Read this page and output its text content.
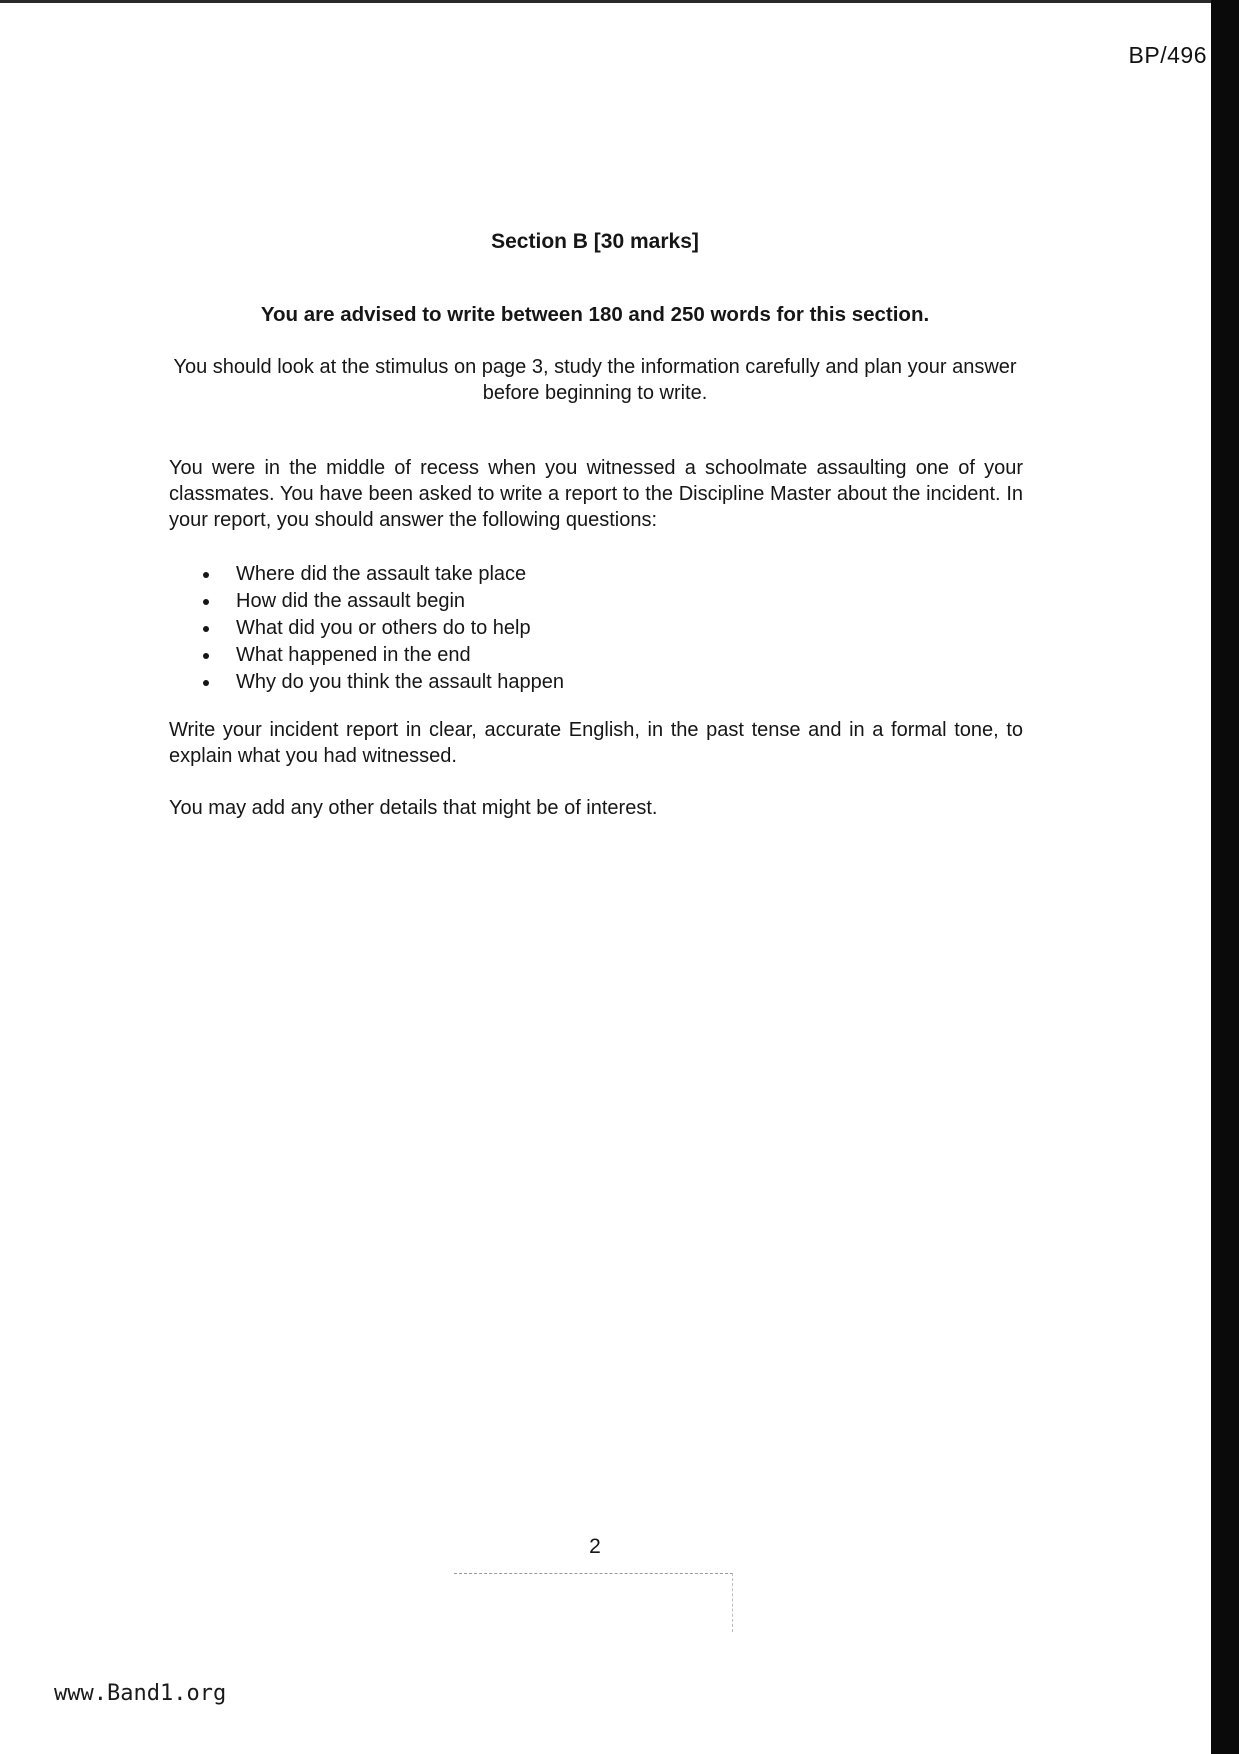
BP/496
Section B [30 marks]
You are advised to write between 180 and 250 words for this section.
You should look at the stimulus on page 3, study the information carefully and plan your answer before beginning to write.

You were in the middle of recess when you witnessed a schoolmate assaulting one of your classmates. You have been asked to write a report to the Discipline Master about the incident. In your report, you should answer the following questions:

Where did the assault take place
How did the assault begin
What did you or others do to help
What happened in the end
Why do you think the assault happen

Write your incident report in clear, accurate English, in the past tense and in a formal tone, to explain what you had witnessed.

You may add any other details that might be of interest.

2
www.Band1.org
